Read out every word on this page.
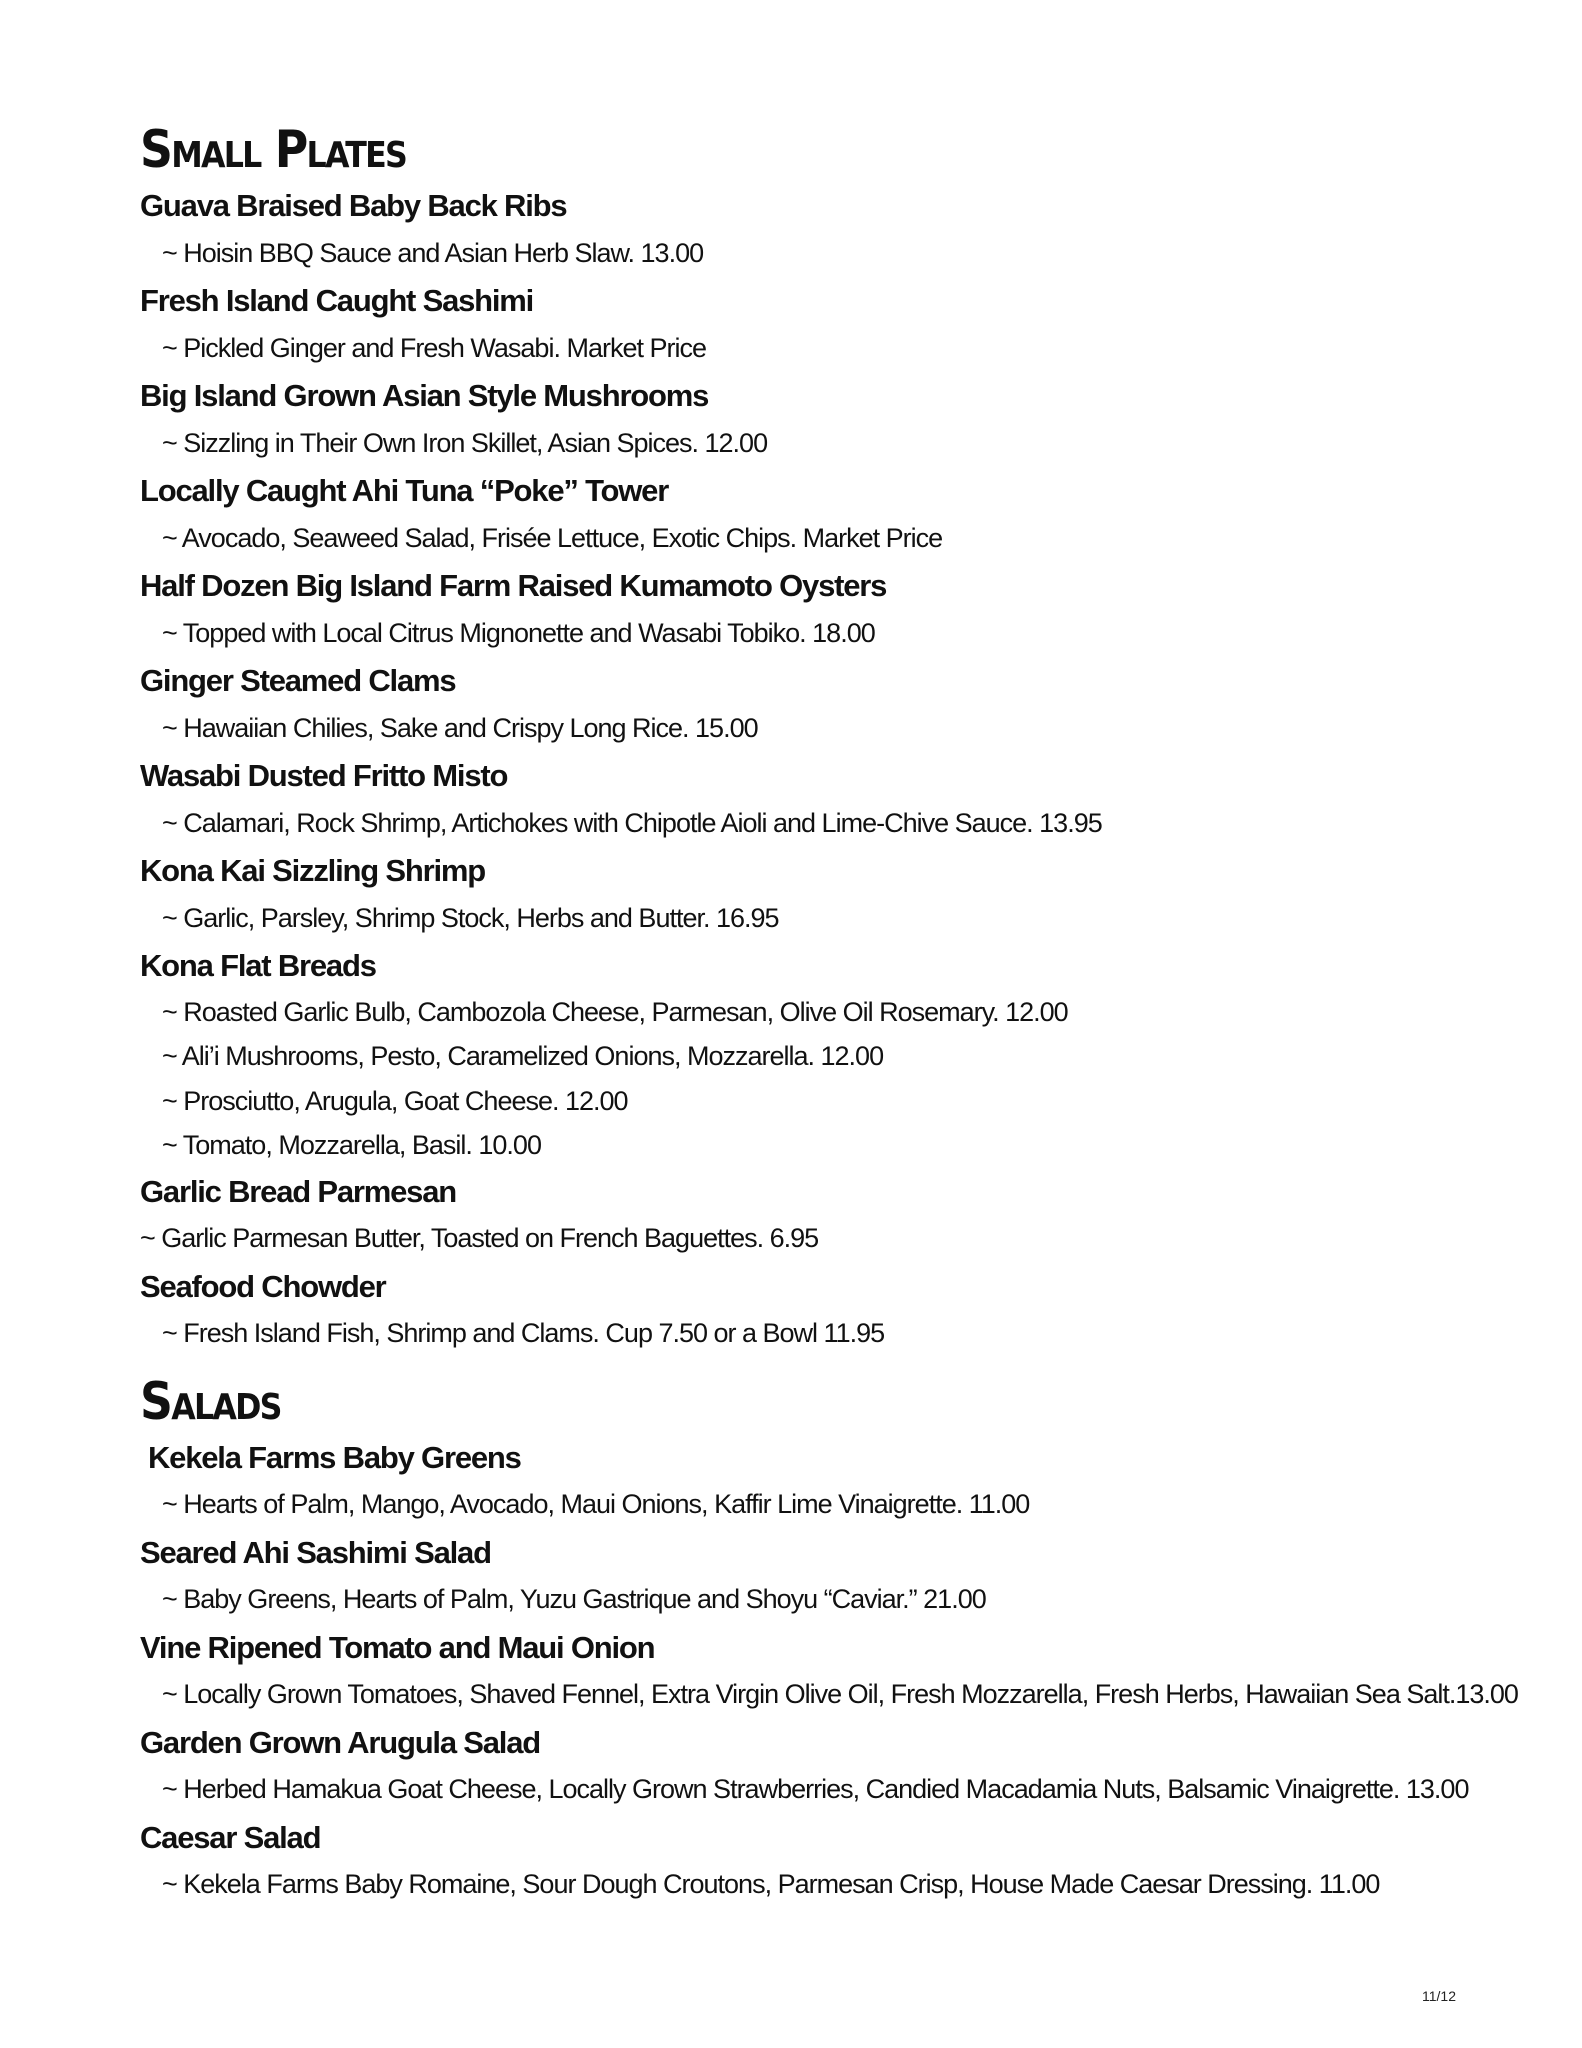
Small Plates
Guava Braised Baby Back Ribs
~ Hoisin BBQ Sauce and Asian Herb Slaw. 13.00
Fresh Island Caught Sashimi
~ Pickled Ginger and Fresh Wasabi. Market Price
Big Island Grown Asian Style Mushrooms
~ Sizzling in Their Own Iron Skillet, Asian Spices. 12.00
Locally Caught Ahi Tuna “Poke” Tower
~ Avocado, Seaweed Salad, Frisée Lettuce, Exotic Chips. Market Price
Half Dozen Big Island Farm Raised Kumamoto Oysters
~ Topped with Local Citrus Mignonette and Wasabi Tobiko. 18.00
Ginger Steamed Clams
~ Hawaiian Chilies, Sake and Crispy Long Rice. 15.00
Wasabi Dusted Fritto Misto
~ Calamari, Rock Shrimp, Artichokes with Chipotle Aioli and Lime-Chive Sauce. 13.95
Kona Kai Sizzling Shrimp
~ Garlic, Parsley, Shrimp Stock, Herbs and Butter. 16.95
Kona Flat Breads
~ Roasted Garlic Bulb, Cambozola Cheese, Parmesan, Olive Oil Rosemary. 12.00
~ Ali’i Mushrooms, Pesto, Caramelized Onions, Mozzarella. 12.00
~ Prosciutto, Arugula, Goat Cheese. 12.00
~ Tomato, Mozzarella, Basil. 10.00
Garlic Bread Parmesan
~ Garlic Parmesan Butter, Toasted on French Baguettes. 6.95
Seafood Chowder
~ Fresh Island Fish, Shrimp and Clams. Cup 7.50 or a Bowl 11.95
Salads
Kekela Farms Baby Greens
~ Hearts of Palm, Mango, Avocado, Maui Onions, Kaffir Lime Vinaigrette. 11.00
Seared Ahi Sashimi Salad
~ Baby Greens, Hearts of Palm, Yuzu Gastrique and Shoyu “Caviar.” 21.00
Vine Ripened Tomato and Maui Onion
~ Locally Grown Tomatoes, Shaved Fennel, Extra Virgin Olive Oil, Fresh Mozzarella, Fresh Herbs, Hawaiian Sea Salt.13.00
Garden Grown Arugula Salad
~ Herbed Hamakua Goat Cheese, Locally Grown Strawberries, Candied Macadamia Nuts, Balsamic Vinaigrette. 13.00
Caesar Salad
~ Kekela Farms Baby Romaine, Sour Dough Croutons, Parmesan Crisp, House Made Caesar Dressing. 11.00
11/12
